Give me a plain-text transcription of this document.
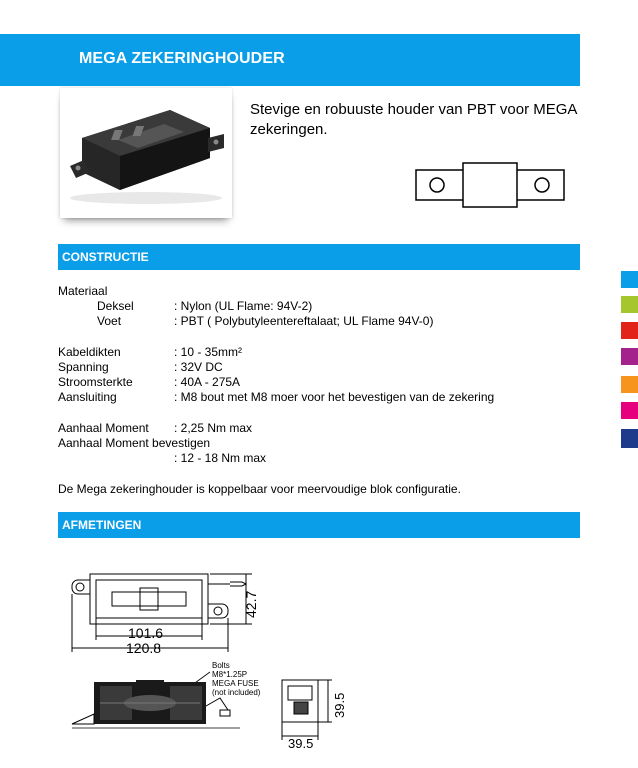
MEGA ZEKERINGHOUDER

Stevige en robuuste houder van PBT voor MEGA zekeringen.

CONSTRUCTIE
Materiaal
Deksel	: Nylon (UL Flame: 94V-2)
Voet	: PBT ( Polybutyleentereftalaat; UL Flame 94V-0)
Kabeldikten	: 10 - 35mm²
Spanning	: 32V DC
Stroomsterkte	: 40A - 275A
Aansluiting	: M8 bout met M8 moer voor het bevestigen van de zekering
Aanhaal Moment : 2,25 Nm max
Aanhaal Moment bevestigen
: 12 - 18 Nm max
De Mega zekeringhouder is koppelbaar voor meervoudige blok configuratie.
AFMETINGEN
42.7
101.6
120.8
Bolts
M8*1.25P
MEGA FUSE
(not included)
39.5
39.5
